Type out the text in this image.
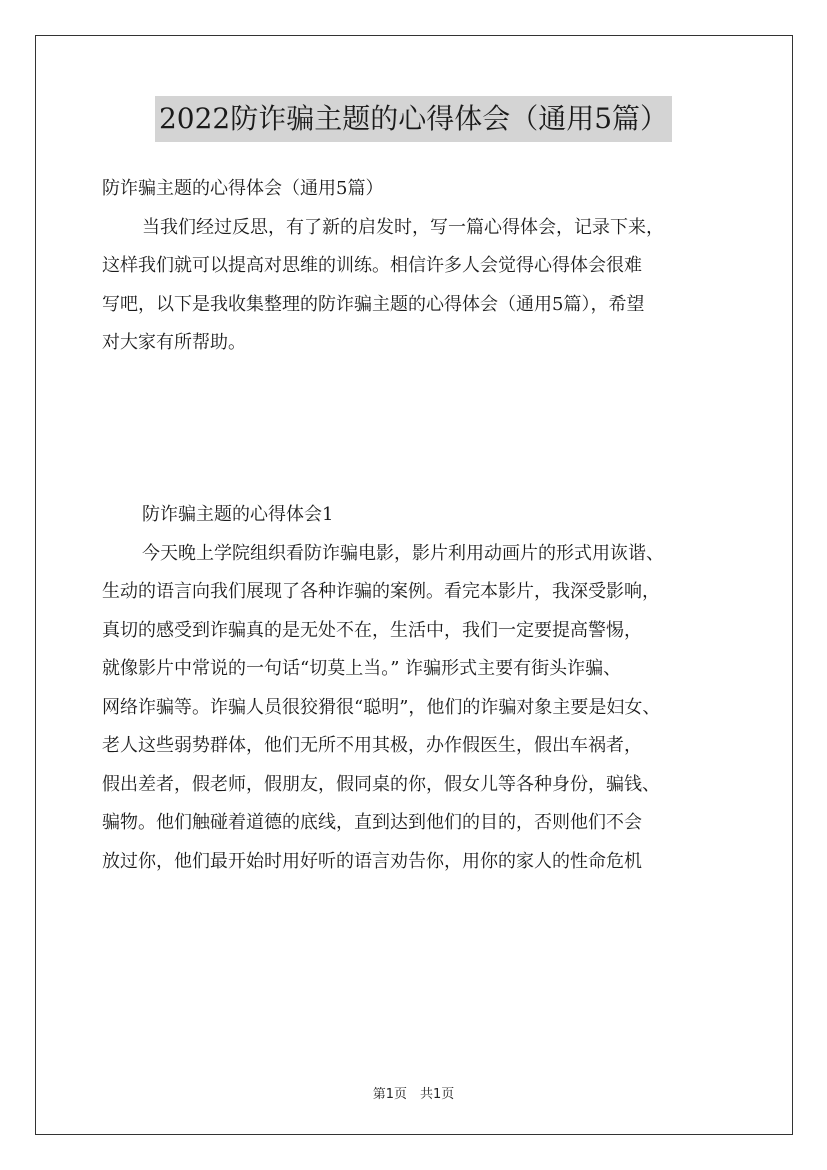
2022防诈骗主题的心得体会（通用5篇）
防诈骗主题的心得体会（通用5篇）
当我们经过反思，有了新的启发时，写一篇心得体会，记录下来，
这样我们就可以提高对思维的训练。相信许多人会觉得心得体会很难
写吧，以下是我收集整理的防诈骗主题的心得体会（通用5篇），希望
对大家有所帮助。
防诈骗主题的心得体会1
今天晚上学院组织看防诈骗电影，影片利用动画片的形式用诙谐、
生动的语言向我们展现了各种诈骗的案例。看完本影片，我深受影响，
真切的感受到诈骗真的是无处不在，生活中，我们一定要提高警惕，
就像影片中常说的一句话“切莫上当。” 诈骗形式主要有街头诈骗、
网络诈骗等。诈骗人员很狡猾很“聪明”，他们的诈骗对象主要是妇女、
老人这些弱势群体，他们无所不用其极，办作假医生，假出车祸者，
假出差者，假老师，假朋友，假同桌的你，假女儿等各种身份，骗钱、
骗物。他们触碰着道德的底线，直到达到他们的目的，否则他们不会
放过你，他们最开始时用好听的语言劝告你，用你的家人的性命危机
第1页　共1页
